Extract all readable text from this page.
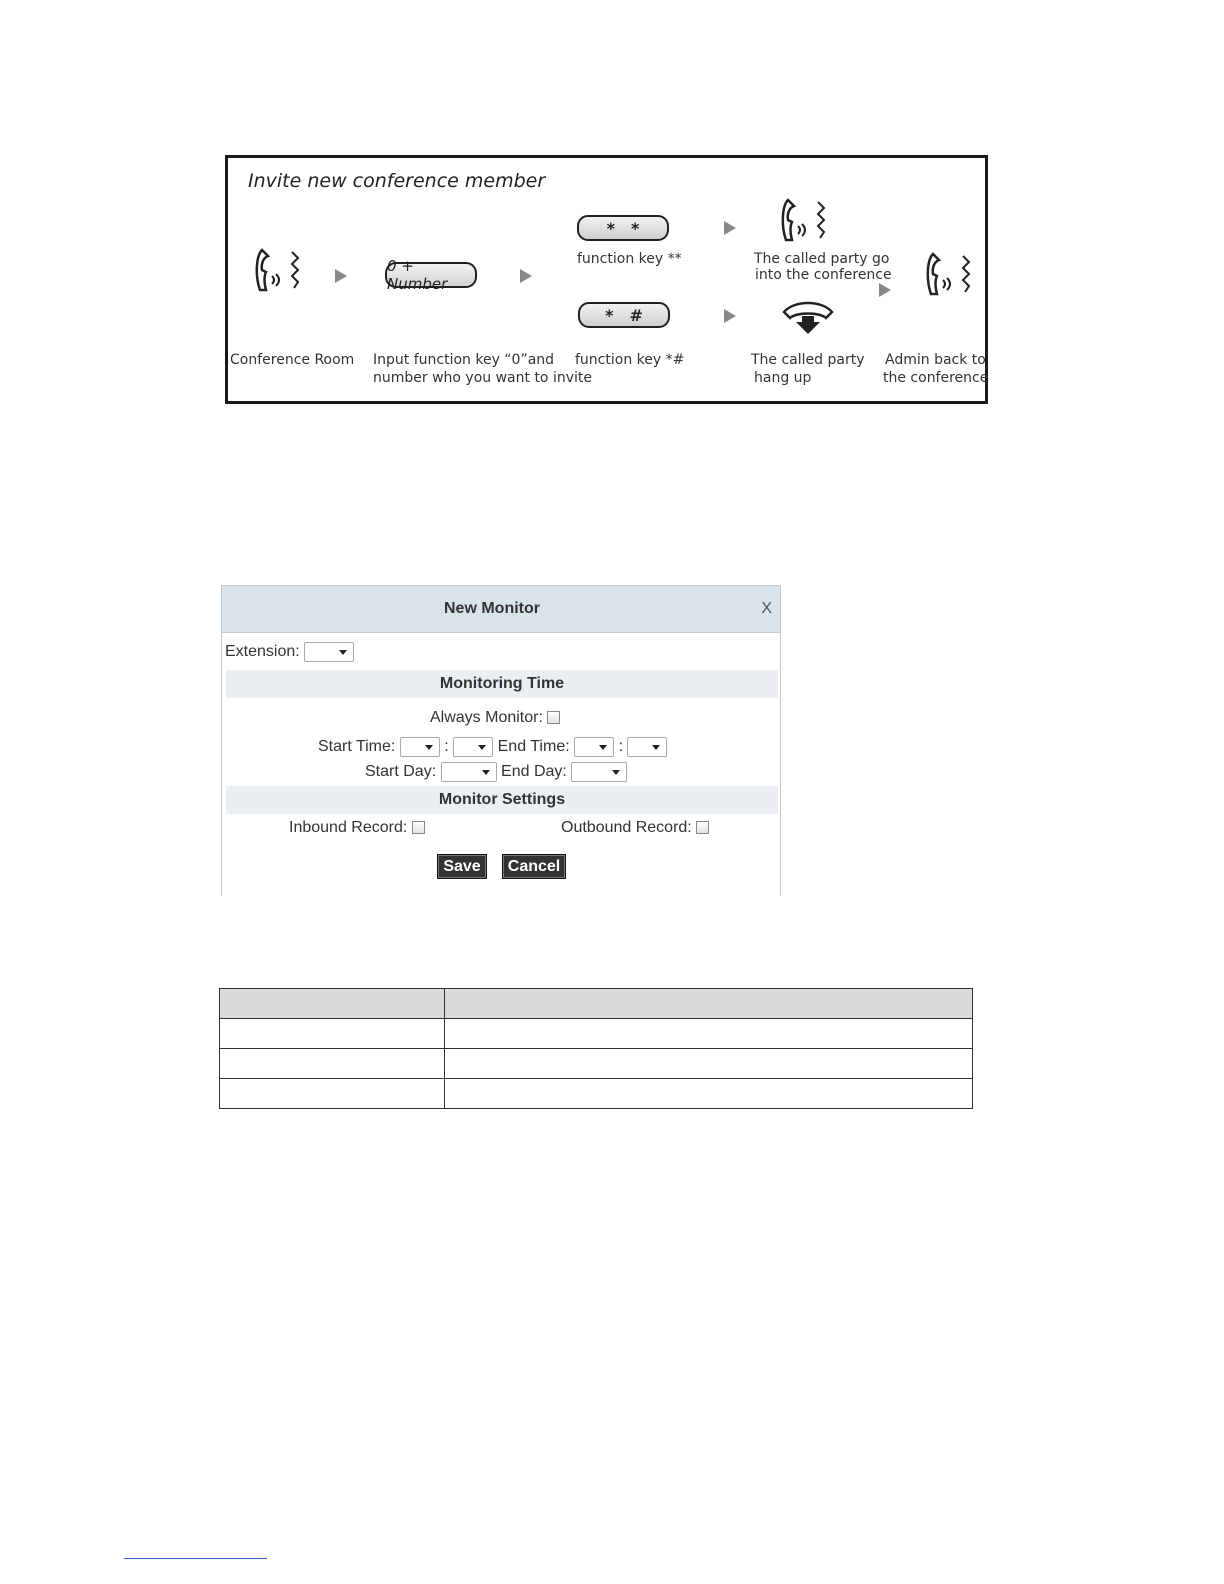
Invite new conference member
Conference Room
0 + Number
Input function key “0”and
number who you want to invite
* *
function key **
* #
function key *#
The called party go
into the conference
The called party
hang up
Admin back to
the conference
New Monitor	X
Extension:
Monitoring Time
Always Monitor:
Start Time:	:	End Time:	:
Start Day:	End Day:
Monitor Settings
Inbound Record:	Outbound Record:
Save	Cancel
